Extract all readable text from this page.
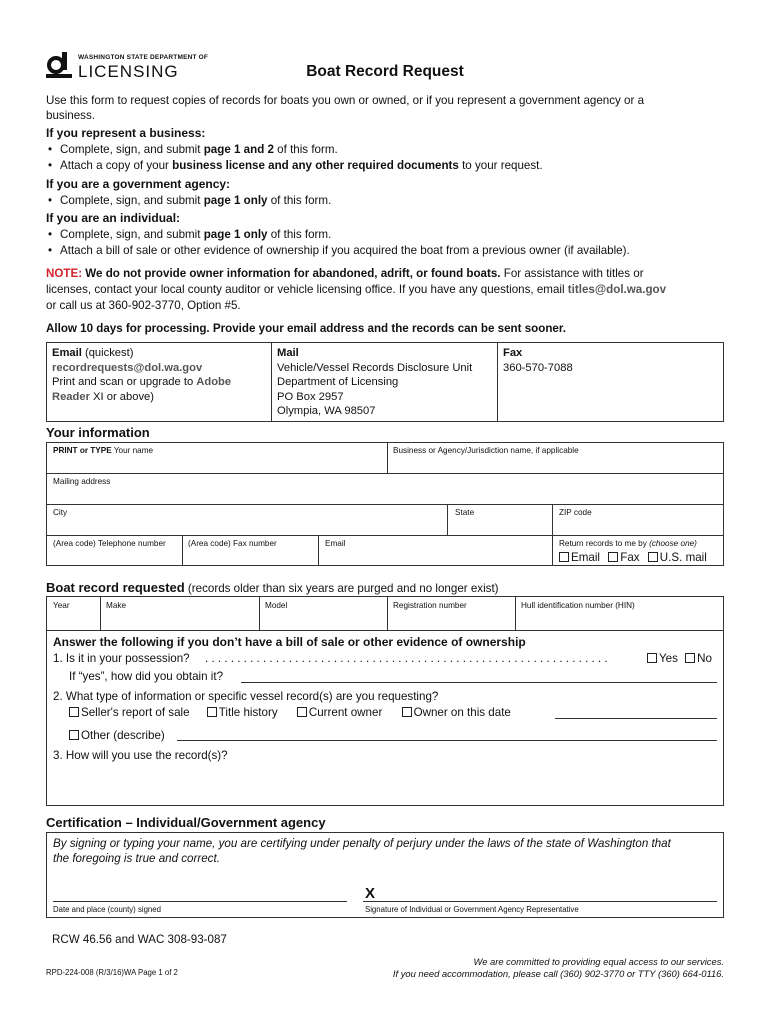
WASHINGTON STATE DEPARTMENT OF
LICENSING	Boat Record Request
Use this form to request copies of records for boats you own or owned, or if you represent a government agency or a
business.
If you represent a business:
• Complete, sign, and submit page 1 and 2 of this form.
• Attach a copy of your business license and any other required documents to your request.
If you are a government agency:
• Complete, sign, and submit page 1 only of this form.
If you are an individual:
• Complete, sign, and submit page 1 only of this form.
• Attach a bill of sale or other evidence of ownership if you acquired the boat from a previous owner (if available).
NOTE: We do not provide owner information for abandoned, adrift, or found boats. For assistance with titles or
licenses, contact your local county auditor or vehicle licensing office. If you have any questions, email titles@dol.wa.gov
or call us at 360-902-3770, Option #5.
Allow 10 days for processing. Provide your email address and the records can be sent sooner.
Email (quickest)
recordrequests@dol.wa.gov
Print and scan or upgrade to Adobe
Reader XI or above)
Mail
Vehicle/Vessel Records Disclosure Unit
Department of Licensing
PO Box 2957
Olympia, WA 98507
Fax
360-570-7088
Your information
PRINT or TYPE Your name	Business or Agency/Jurisdiction name, if applicable
Mailing address
City	State	ZIP code
(Area code) Telephone number	(Area code) Fax number	Email	Return records to me by (choose one)
Email Fax U.S. mail
Boat record requested (records older than six years are purged and no longer exist)
Year	Make	Model	Registration number	Hull identification number (HIN)
Answer the following if you don’t have a bill of sale or other evidence of ownership
1. Is it in your possession? . . . . . . . . . . . . . . . . . . . . . . . . . . . . . . . . . . . . . . . . . . . . . . . . . . . . . . . . . . . . . . .	Yes No
If “yes”, how did you obtain it?
2. What type of information or specific vessel record(s) are you requesting?
Seller's report of sale	Title history	Current owner	Owner on this date
Other (describe)
3. How will you use the record(s)?
Certification – Individual/Government agency
By signing or typing your name, you are certifying under penalty of perjury under the laws of the state of Washington that
the foregoing is true and correct.
X
Date and place (county) signed	Signature of Individual or Government Agency Representative
RCW 46.56 and WAC 308-93-087
RPD-224-008 (R/3/16)WA Page 1 of 2
We are committed to providing equal access to our services.
If you need accommodation, please call (360) 902-3770 or TTY (360) 664-0116.
